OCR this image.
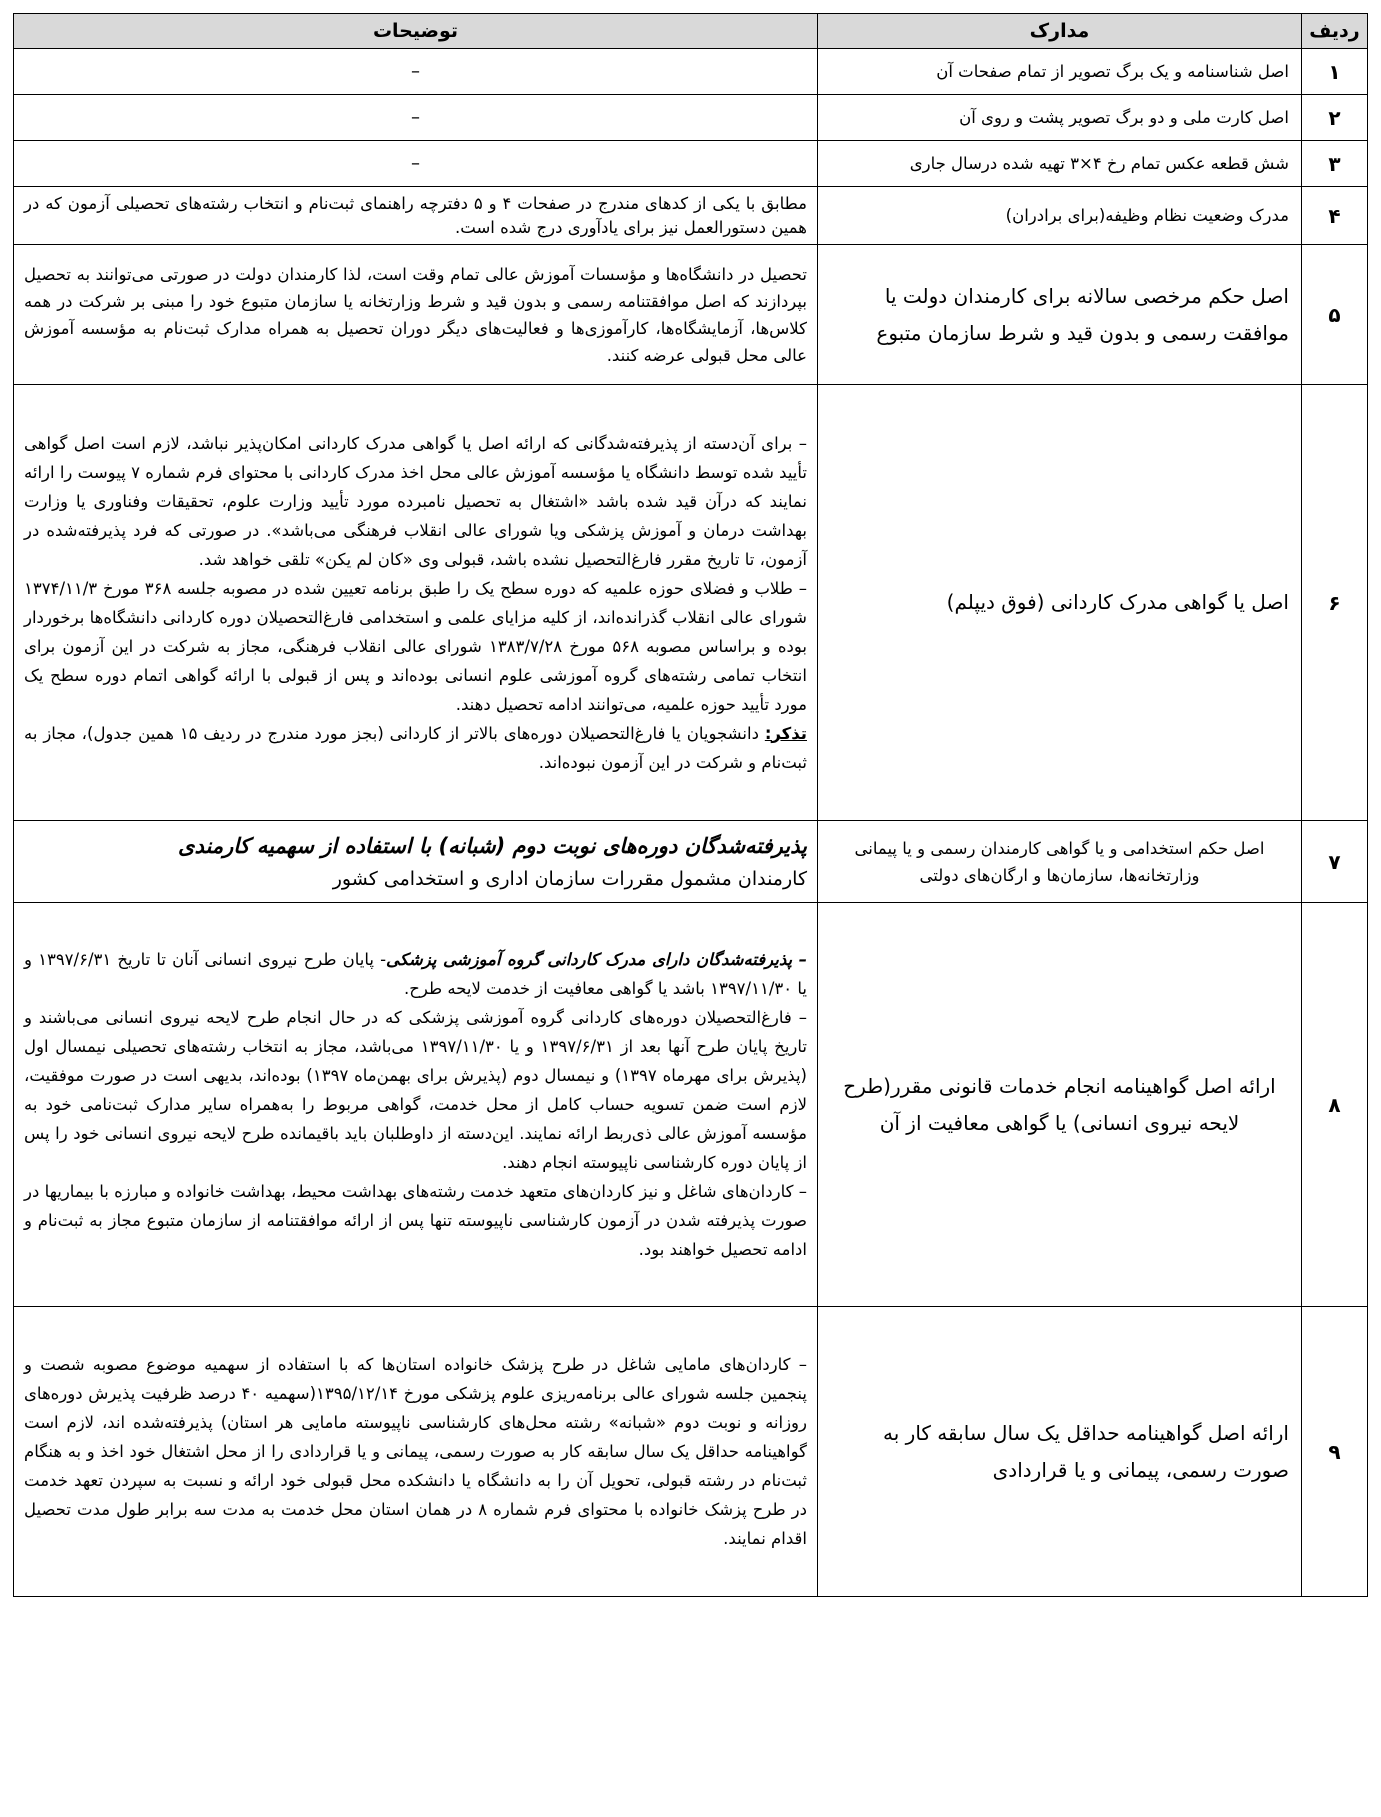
ردیف	مدارک	توضیحات
۱	اصل شناسنامه و یک برگ تصویر از تمام صفحات آن	–
۲	اصل کارت ملی و دو برگ تصویر پشت و روی آن	–
۳	شش قطعه عکس تمام رخ ۴×۳ تهیه شده درسال جاری	–
۴	مدرک وضعیت نظام وظیفه(برای برادران)	مطابق با یکی از کدهای مندرج در صفحات ۴ و ۵ دفترچه راهنمای ثبت‌نام و انتخاب رشته‌های تحصیلی آزمون که در همین دستورالعمل نیز برای یادآوری درج شده است.

۵	اصل حکم مرخصی سالانه برای کارمندان دولت یا موافقت رسمی و بدون قید و شرط سازمان متبوع	تحصیل در دانشگاه‌ها و مؤسسات آموزش عالی تمام وقت است، لذا کارمندان دولت در صورتی می‌توانند به تحصیل بپردازند که اصل موافقتنامه رسمی و بدون قید و شرط وزارتخانه یا سازمان متبوع خود را مبنی بر شرکت در همه کلاس‌ها، آزمایشگاه‌ها، کارآموزی‌ها و فعالیت‌های دیگر دوران تحصیل به همراه مدارک ثبت‌نام به مؤسسه آموزش عالی محل قبولی عرضه کنند.

۶	اصل یا گواهی مدرک کاردانی (فوق دیپلم)	– برای آن‌دسته از پذیرفته‌شدگانی که ارائه اصل یا گواهی مدرک کاردانی امکان‌پذیر نباشد، لازم است اصل گواهی تأیید شده توسط دانشگاه یا مؤسسه آموزش عالی محل اخذ مدرک کاردانی با محتوای فرم شماره ۷ پیوست را ارائه نمایند که درآن قید شده باشد «اشتغال به تحصیل نامبرده مورد تأیید وزارت علوم، تحقیقات وفناوری یا وزارت بهداشت درمان و آموزش پزشکی ویا شورای عالی انقلاب فرهنگی می‌باشد». در صورتی که فرد پذیرفته‌شده در آزمون، تا تاریخ مقرر فارغ‌التحصیل نشده باشد، قبولی وی «کان لم یکن» تلقی خواهد شد.

– طلاب و فضلای حوزه علمیه که دوره سطح یک را طبق برنامه تعیین شده در مصوبه جلسه ۳۶۸ مورخ ۱۳۷۴/۱۱/۳ شورای عالی انقلاب گذرانده‌اند، از کلیه مزایای علمی و استخدامی فارغ‌التحصیلان دوره کاردانی دانشگاه‌ها برخوردار بوده و براساس مصوبه ۵۶۸ مورخ ۱۳۸۳/۷/۲۸ شورای عالی انقلاب فرهنگی، مجاز به شرکت در این آزمون برای انتخاب تمامی رشته‌های گروه آموزشی علوم انسانی بوده‌اند و پس از قبولی با ارائه گواهی اتمام دوره سطح یک مورد تأیید حوزه علمیه، می‌توانند ادامه تحصیل دهند.

تذکر: دانشجویان یا فارغ‌التحصیلان دوره‌های بالاتر از کاردانی (بجز مورد مندرج در ردیف ۱۵ همین جدول)، مجاز به ثبت‌نام و شرکت در این آزمون نبوده‌اند.

۷	اصل حکم استخدامی و یا گواهی کارمندان رسمی و یا پیمانی وزارتخانه‌ها، سازمان‌ها و ارگان‌های دولتی	پذیرفته‌شدگان دوره‌های نوبت دوم (شبانه) با استفاده از سهمیه کارمندی

کارمندان مشمول مقررات سازمان اداری و استخدامی کشور

۸	ارائه اصل گواهینامه انجام خدمات قانونی مقرر(طرح لایحه نیروی انسانی) یا گواهی معافیت از آن	– پذیرفته‌شدگان دارای مدرک کاردانی گروه آموزشی پزشکی- پایان طرح نیروی انسانی آنان تا تاریخ ۱۳۹۷/۶/۳۱ و یا ۱۳۹۷/۱۱/۳۰ باشد یا گواهی معافیت از خدمت لایحه طرح.

– فارغ‌التحصیلان دوره‌های کاردانی گروه آموزشی پزشکی که در حال انجام طرح لایحه نیروی انسانی می‌باشند و تاریخ پایان طرح آنها بعد از ۱۳۹۷/۶/۳۱ و یا ۱۳۹۷/۱۱/۳۰ می‌باشد، مجاز به انتخاب رشته‌های تحصیلی نیمسال اول (پذیرش برای مهرماه ۱۳۹۷) و نیمسال دوم (پذیرش برای بهمن‌ماه ۱۳۹۷) بوده‌اند، بدیهی است در صورت موفقیت، لازم است ضمن تسویه حساب کامل از محل خدمت، گواهی مربوط را به‌همراه سایر مدارک ثبت‌نامی خود به مؤسسه آموزش عالی ذی‌ربط ارائه نمایند. این‌دسته از داوطلبان باید باقیمانده طرح لایحه نیروی انسانی خود را پس از پایان دوره کارشناسی ناپیوسته انجام دهند.

– کاردان‌های شاغل و نیز کاردان‌های متعهد خدمت رشته‌های بهداشت محیط، بهداشت خانواده و مبارزه با بیماریها در صورت پذیرفته شدن در آزمون کارشناسی ناپیوسته تنها پس از ارائه موافقتنامه از سازمان متبوع مجاز به ثبت‌نام و ادامه تحصیل خواهند بود.

۹	ارائه اصل گواهینامه حداقل یک سال سابقه کار به صورت رسمی، پیمانی و یا قراردادی	– کاردان‌های مامایی شاغل در طرح پزشک خانواده استان‌ها که با استفاده از سهمیه موضوع مصوبه شصت و پنجمین جلسه شورای عالی برنامه‌ریزی علوم پزشکی مورخ ۱۳۹۵/۱۲/۱۴(سهمیه ۴۰ درصد ظرفیت پذیرش دوره‌های روزانه و نوبت دوم «شبانه» رشته محل‌های کارشناسی ناپیوسته مامایی هر استان) پذیرفته‌شده اند، لازم است گواهینامه حداقل یک سال سابقه کار به صورت رسمی، پیمانی و یا قراردادی را از محل اشتغال خود اخذ و به هنگام ثبت‌نام در رشته قبولی، تحویل آن را به دانشگاه یا دانشکده محل قبولی خود ارائه و نسبت به سپردن تعهد خدمت در طرح پزشک خانواده با محتوای فرم شماره ۸ در همان استان محل خدمت به مدت سه برابر طول مدت تحصیل اقدام نمایند.
